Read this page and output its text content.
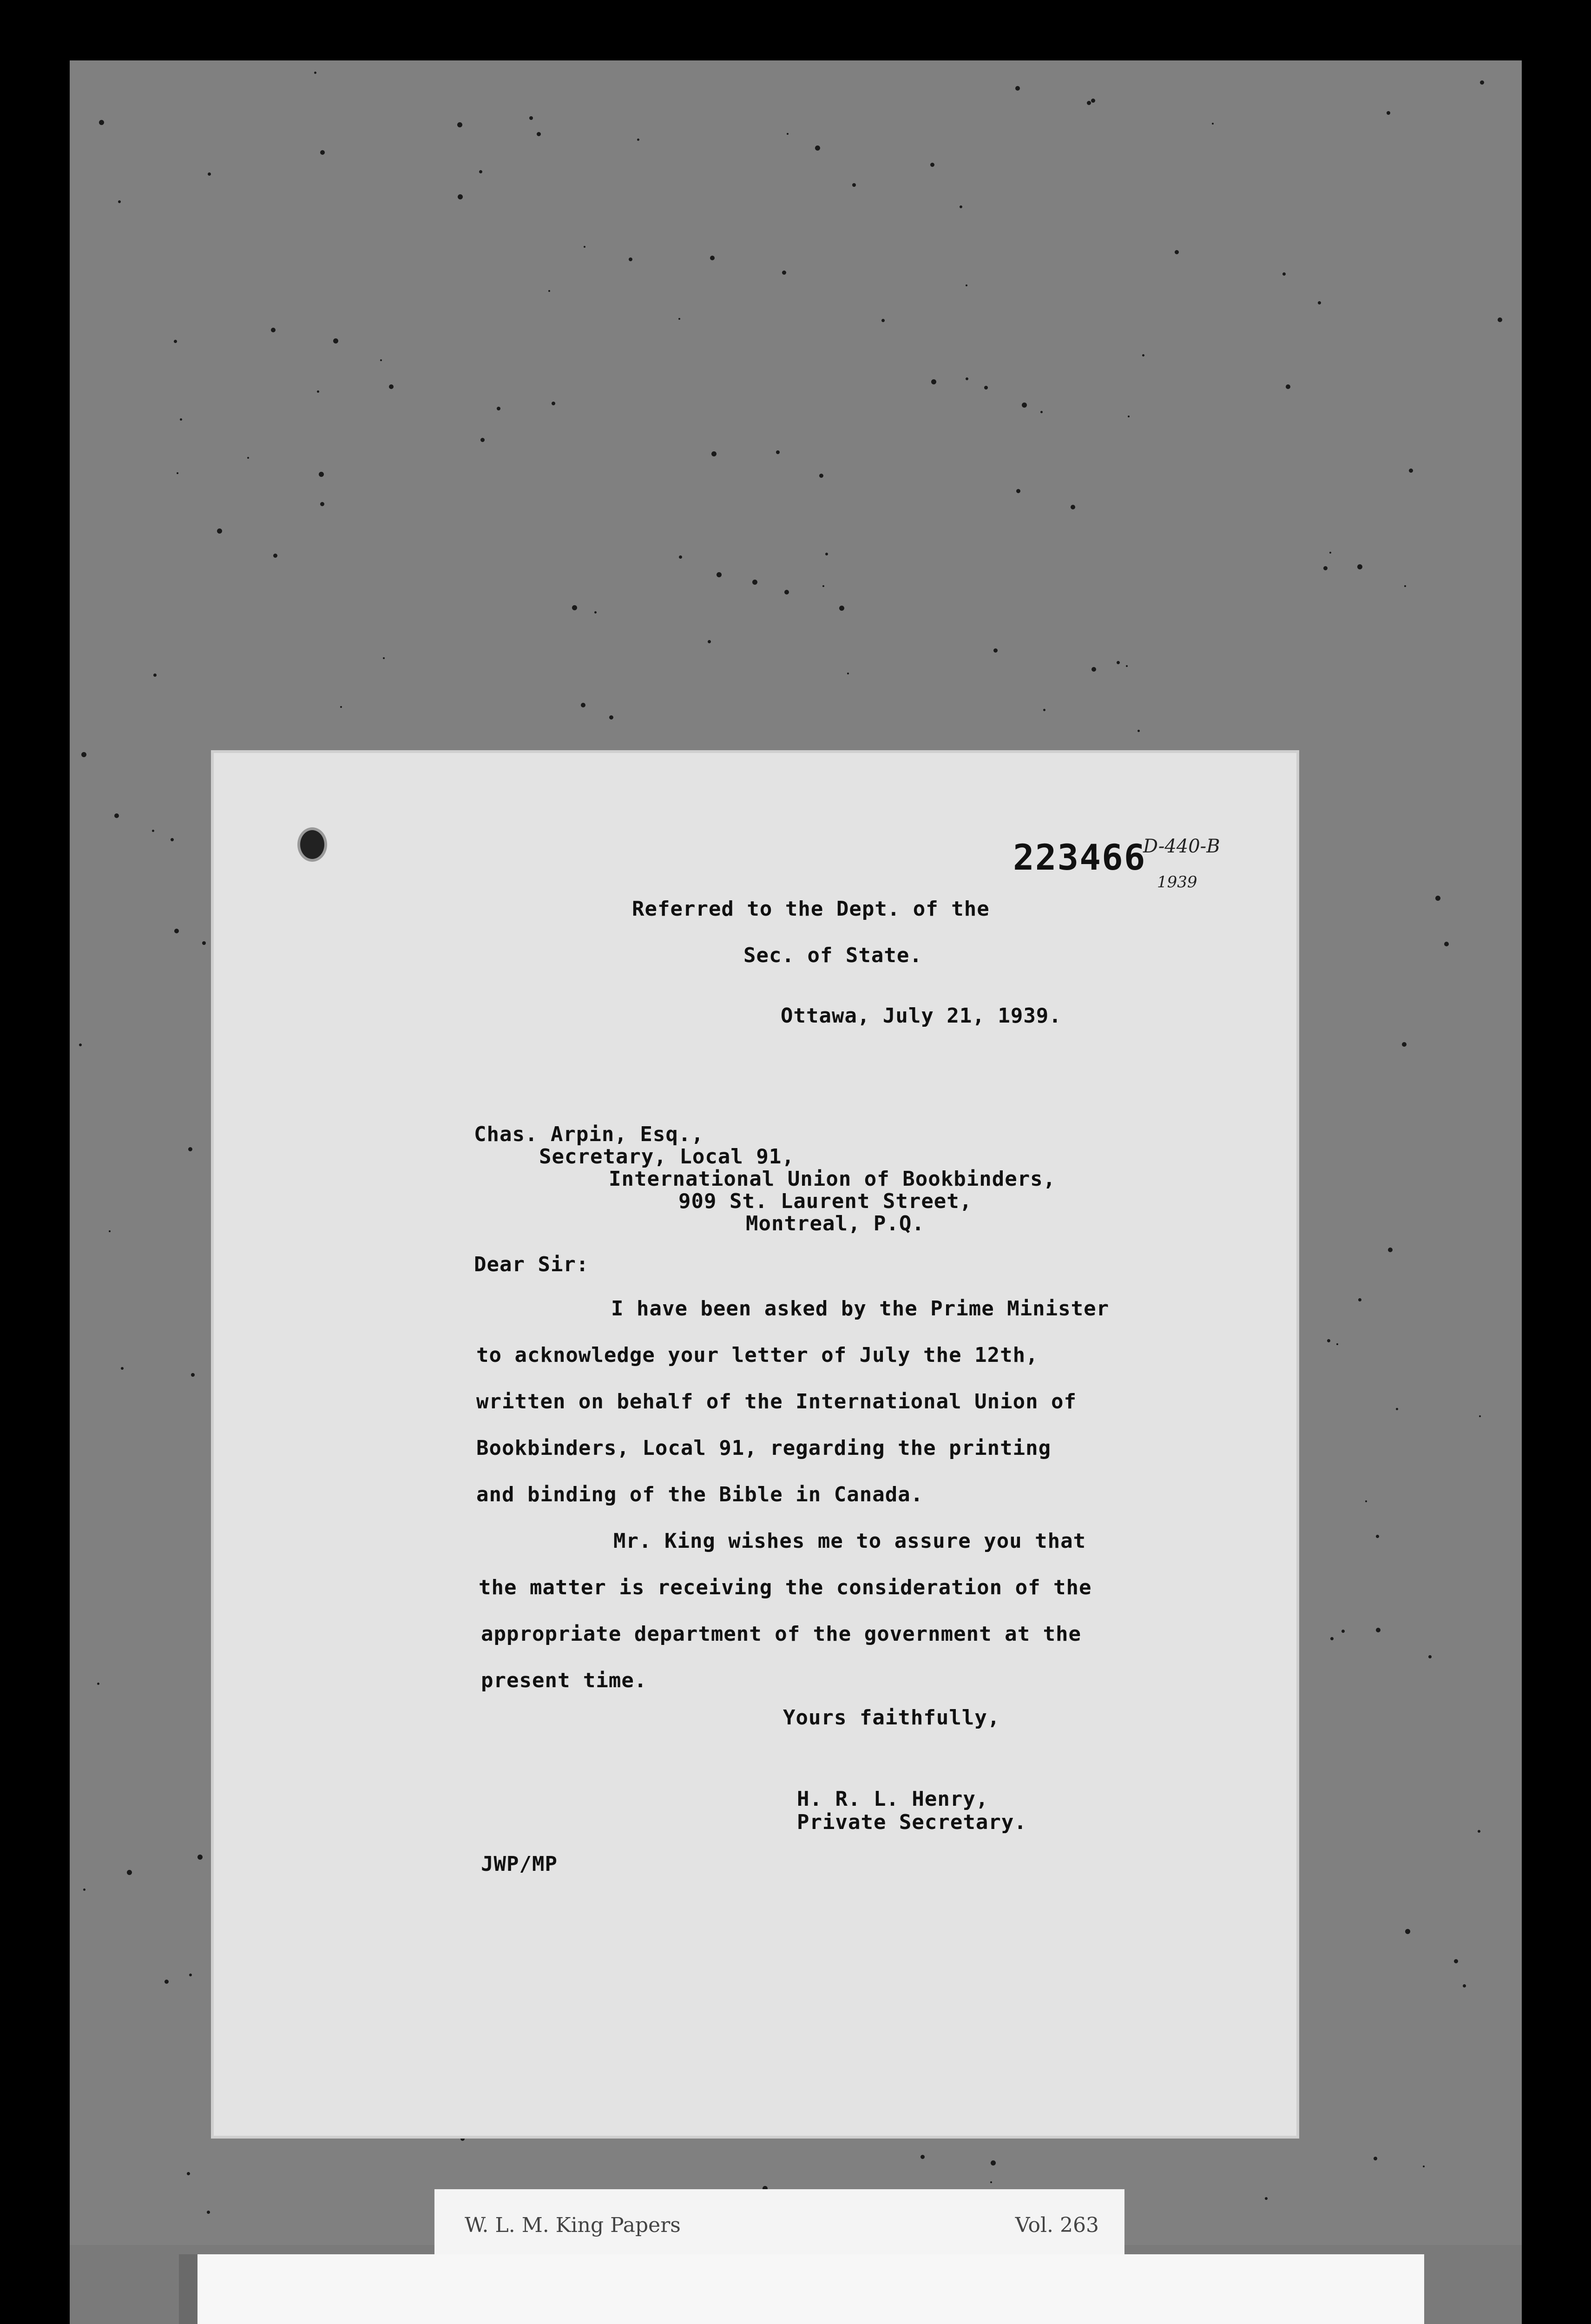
223466
D-440-B
1939
Referred to the Dept. of the
Sec. of State.
Ottawa, July 21, 1939.
Chas. Arpin, Esq.,
Secretary, Local 91,
International Union of Bookbinders,
909 St. Laurent Street,
Montreal, P.Q.
Dear Sir:
I have been asked by the Prime Minister
to acknowledge your letter of July the 12th,
written on behalf of the International Union of
Bookbinders, Local 91, regarding the printing
and binding of the Bible in Canada.
Mr. King wishes me to assure you that
the matter is receiving the consideration of the
appropriate department of the government at the
present time.
Yours faithfully,
H. R. L. Henry,
Private Secretary.
JWP/MP
W. L. M. King Papers	Vol. 263
